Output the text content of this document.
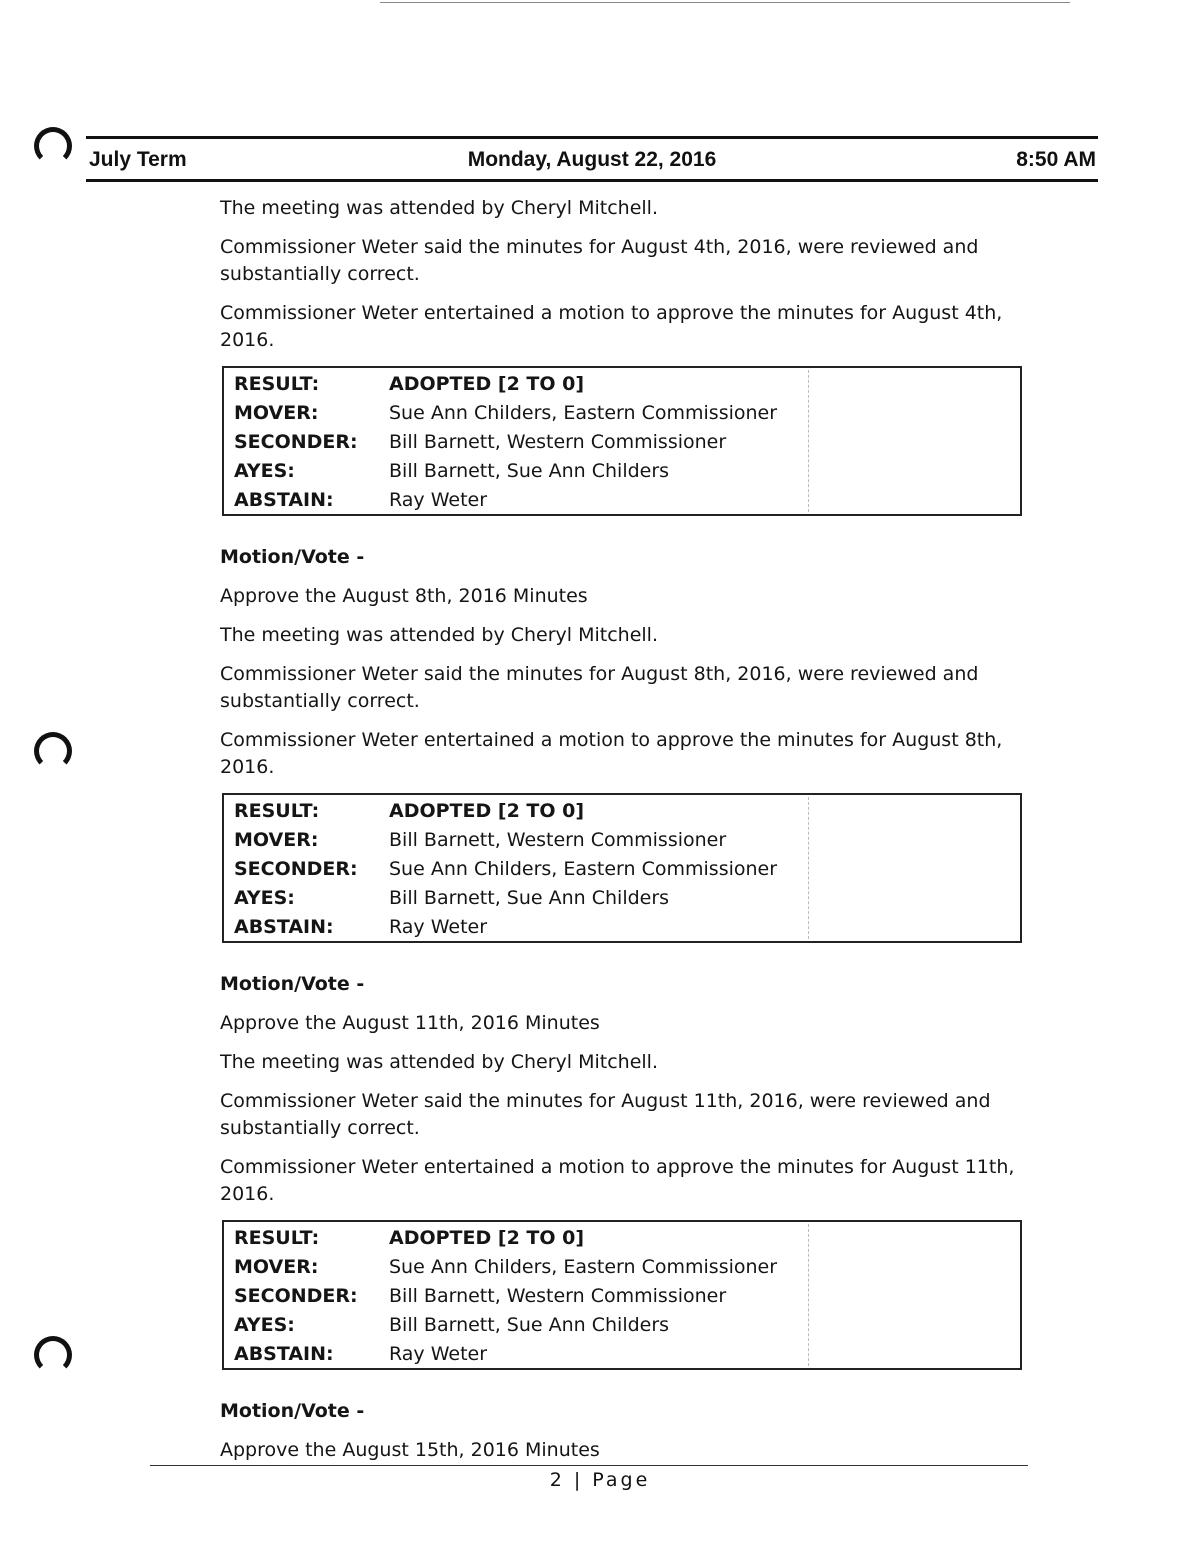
July Term	Monday, August 22, 2016	8:50 AM

The meeting was attended by Cheryl Mitchell.

Commissioner Weter said the minutes for August 4th, 2016, were reviewed and substantially correct.

Commissioner Weter entertained a motion to approve the minutes for August 4th, 2016.

RESULT:	ADOPTED [2 TO 0]
MOVER:	Sue Ann Childers, Eastern Commissioner
SECONDER: Bill Barnett, Western Commissioner
AYES:	Bill Barnett, Sue Ann Childers
ABSTAIN:	Ray Weter

Motion/Vote -

Approve the August 8th, 2016 Minutes

The meeting was attended by Cheryl Mitchell.

Commissioner Weter said the minutes for August 8th, 2016, were reviewed and substantially correct.

Commissioner Weter entertained a motion to approve the minutes for August 8th, 2016.

RESULT:	ADOPTED [2 TO 0]
MOVER:	Bill Barnett, Western Commissioner
SECONDER: Sue Ann Childers, Eastern Commissioner
AYES:	Bill Barnett, Sue Ann Childers
ABSTAIN:	Ray Weter

Motion/Vote -

Approve the August 11th, 2016 Minutes

The meeting was attended by Cheryl Mitchell.

Commissioner Weter said the minutes for August 11th, 2016, were reviewed and substantially correct.

Commissioner Weter entertained a motion to approve the minutes for August 11th, 2016.

RESULT:	ADOPTED [2 TO 0]
MOVER:	Sue Ann Childers, Eastern Commissioner
SECONDER: Bill Barnett, Western Commissioner
AYES:	Bill Barnett, Sue Ann Childers
ABSTAIN:	Ray Weter

Motion/Vote -

Approve the August 15th, 2016 Minutes

2 | Page
